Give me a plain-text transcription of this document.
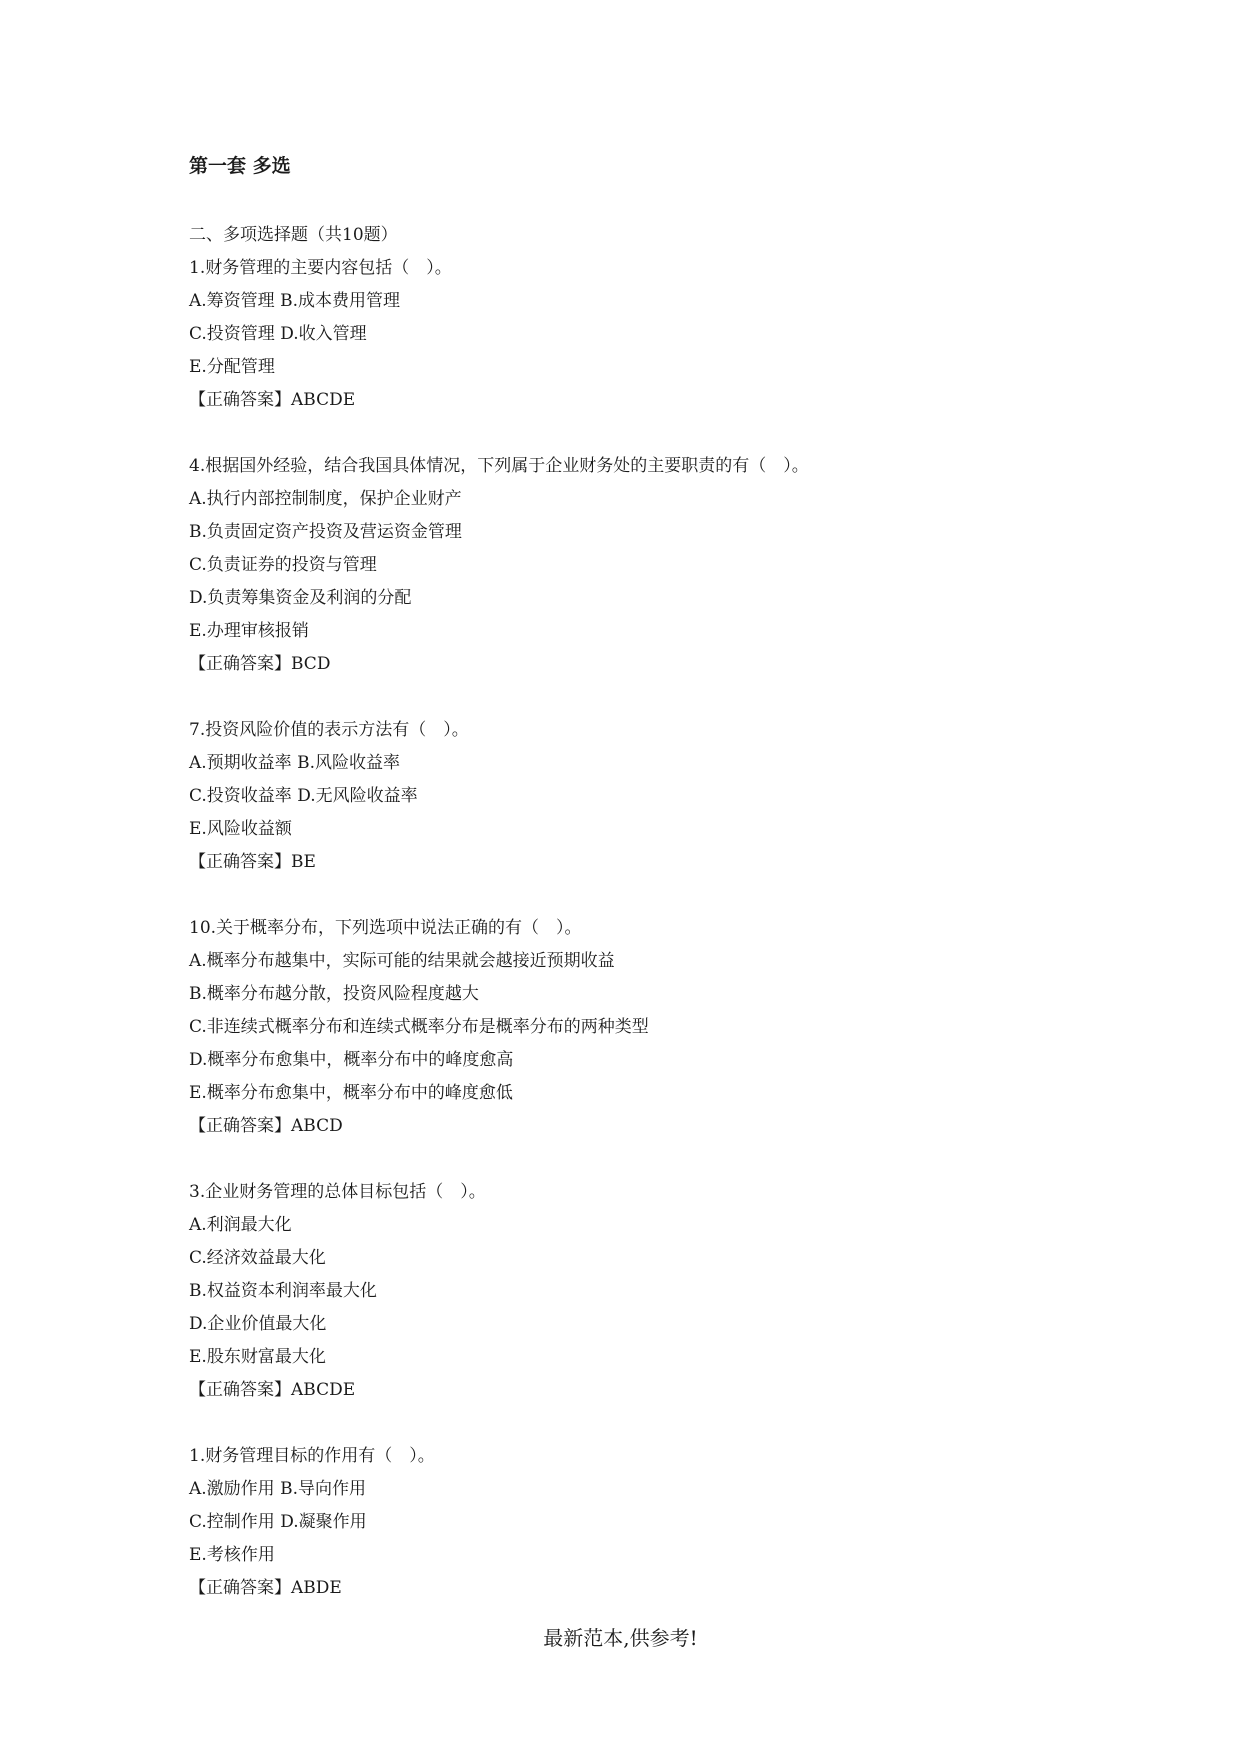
第一套 多选
二、多项选择题（共10题）
1.财务管理的主要内容包括（　）。
A.筹资管理 B.成本费用管理
C.投资管理 D.收入管理
E.分配管理
【正确答案】ABCDE
4.根据国外经验，结合我国具体情况，下列属于企业财务处的主要职责的有（　）。
A.执行内部控制制度，保护企业财产
B.负责固定资产投资及营运资金管理
C.负责证券的投资与管理
D.负责筹集资金及利润的分配
E.办理审核报销
【正确答案】BCD
7.投资风险价值的表示方法有（　）。
A.预期收益率 B.风险收益率
C.投资收益率 D.无风险收益率
E.风险收益额
【正确答案】BE
10.关于概率分布，下列选项中说法正确的有（　）。
A.概率分布越集中，实际可能的结果就会越接近预期收益
B.概率分布越分散，投资风险程度越大
C.非连续式概率分布和连续式概率分布是概率分布的两种类型
D.概率分布愈集中，概率分布中的峰度愈高
E.概率分布愈集中，概率分布中的峰度愈低
【正确答案】ABCD
3.企业财务管理的总体目标包括（　）。
A.利润最大化
C.经济效益最大化
B.权益资本利润率最大化
D.企业价值最大化
E.股东财富最大化
【正确答案】ABCDE
1.财务管理目标的作用有（　）。
A.激励作用 B.导向作用
C.控制作用 D.凝聚作用
E.考核作用
【正确答案】ABDE
最新范本,供参考!
